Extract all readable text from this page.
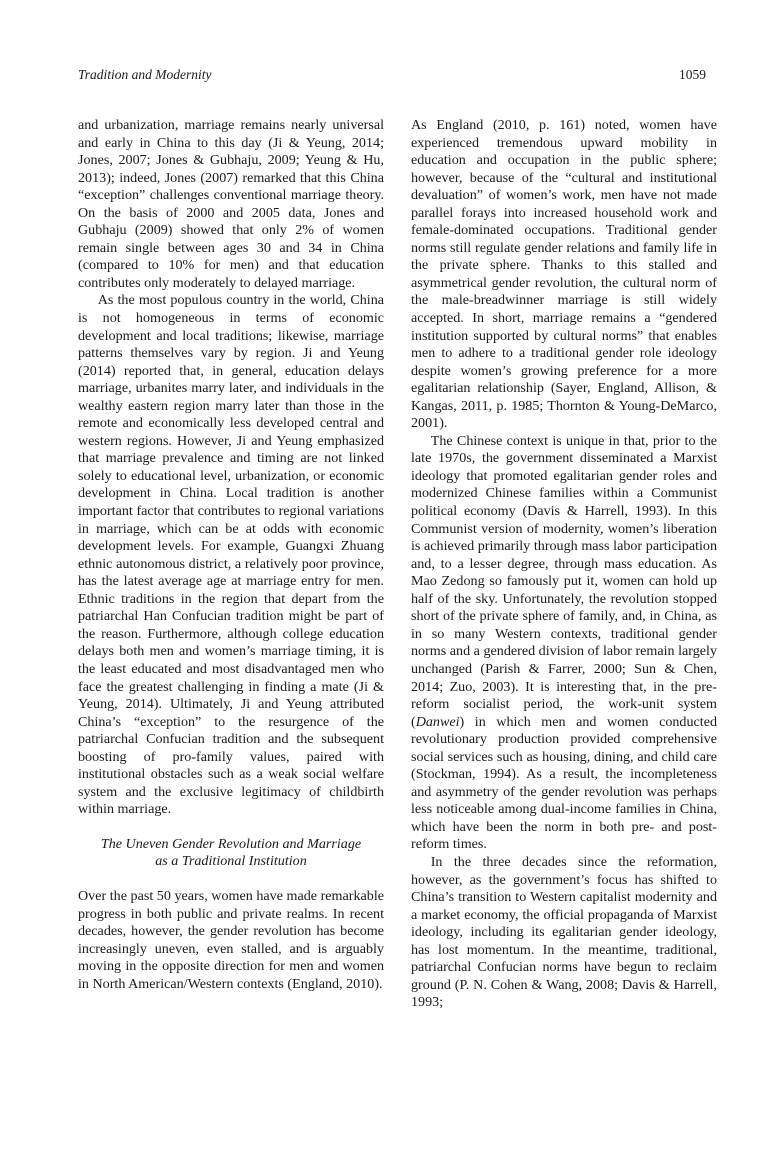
Tradition and Modernity	1059

and urbanization, marriage remains nearly universal and early in China to this day (Ji & Yeung, 2014; Jones, 2007; Jones & Gubhaju, 2009; Yeung & Hu, 2013); indeed, Jones (2007) remarked that this China “exception” challenges conventional marriage theory. On the basis of 2000 and 2005 data, Jones and Gubhaju (2009) showed that only 2% of women remain single between ages 30 and 34 in China (compared to 10% for men) and that education contributes only moderately to delayed marriage.

As the most populous country in the world, China is not homogeneous in terms of economic development and local traditions; likewise, marriage patterns themselves vary by region. Ji and Yeung (2014) reported that, in general, education delays marriage, urbanites marry later, and individuals in the wealthy eastern region marry later than those in the remote and economically less developed central and western regions. However, Ji and Yeung emphasized that marriage prevalence and timing are not linked solely to educational level, urbanization, or economic development in China. Local tradition is another important factor that contributes to regional variations in marriage, which can be at odds with economic development levels. For example, Guangxi Zhuang ethnic autonomous district, a relatively poor province, has the latest average age at marriage entry for men. Ethnic traditions in the region that depart from the patriarchal Han Confucian tradition might be part of the reason. Furthermore, although college education delays both men and women’s marriage timing, it is the least educated and most disadvantaged men who face the greatest challenging in finding a mate (Ji & Yeung, 2014). Ultimately, Ji and Yeung attributed China’s “exception” to the resurgence of the patriarchal Confucian tradition and the subsequent boosting of pro-family values, paired with institutional obstacles such as a weak social welfare system and the exclusive legitimacy of childbirth within marriage.

The Uneven Gender Revolution and Marriage
as a Traditional Institution

Over the past 50 years, women have made remarkable progress in both public and private realms. In recent decades, however, the gender revolution has become increasingly uneven, even stalled, and is arguably moving in the opposite direction for men and women in North American/Western contexts (England, 2010).

As England (2010, p. 161) noted, women have experienced tremendous upward mobility in education and occupation in the public sphere; however, because of the “cultural and institutional devaluation” of women’s work, men have not made parallel forays into increased household work and female-dominated occupations. Traditional gender norms still regulate gender relations and family life in the private sphere. Thanks to this stalled and asymmetrical gender revolution, the cultural norm of the male-breadwinner marriage is still widely accepted. In short, marriage remains a “gendered institution supported by cultural norms” that enables men to adhere to a traditional gender role ideology despite women’s growing preference for a more egalitarian relationship (Sayer, England, Allison, & Kangas, 2011, p. 1985; Thornton & Young-DeMarco, 2001).

The Chinese context is unique in that, prior to the late 1970s, the government disseminated a Marxist ideology that promoted egalitarian gender roles and modernized Chinese families within a Communist political economy (Davis & Harrell, 1993). In this Communist version of modernity, women’s liberation is achieved primarily through mass labor participation and, to a lesser degree, through mass education. As Mao Zedong so famously put it, women can hold up half of the sky. Unfortunately, the revolution stopped short of the private sphere of family, and, in China, as in so many Western contexts, traditional gender norms and a gendered division of labor remain largely unchanged (Parish & Farrer, 2000; Sun & Chen, 2014; Zuo, 2003). It is interesting that, in the pre-reform socialist period, the work-unit system (Danwei) in which men and women conducted revolutionary production provided comprehensive social services such as housing, dining, and child care (Stockman, 1994). As a result, the incompleteness and asymmetry of the gender revolution was perhaps less noticeable among dual-income families in China, which have been the norm in both pre- and post-reform times.

In the three decades since the reformation, however, as the government’s focus has shifted to China’s transition to Western capitalist modernity and a market economy, the official propaganda of Marxist ideology, including its egalitarian gender ideology, has lost momentum. In the meantime, traditional, patriarchal Confucian norms have begun to reclaim ground (P. N. Cohen & Wang, 2008; Davis & Harrell, 1993;
